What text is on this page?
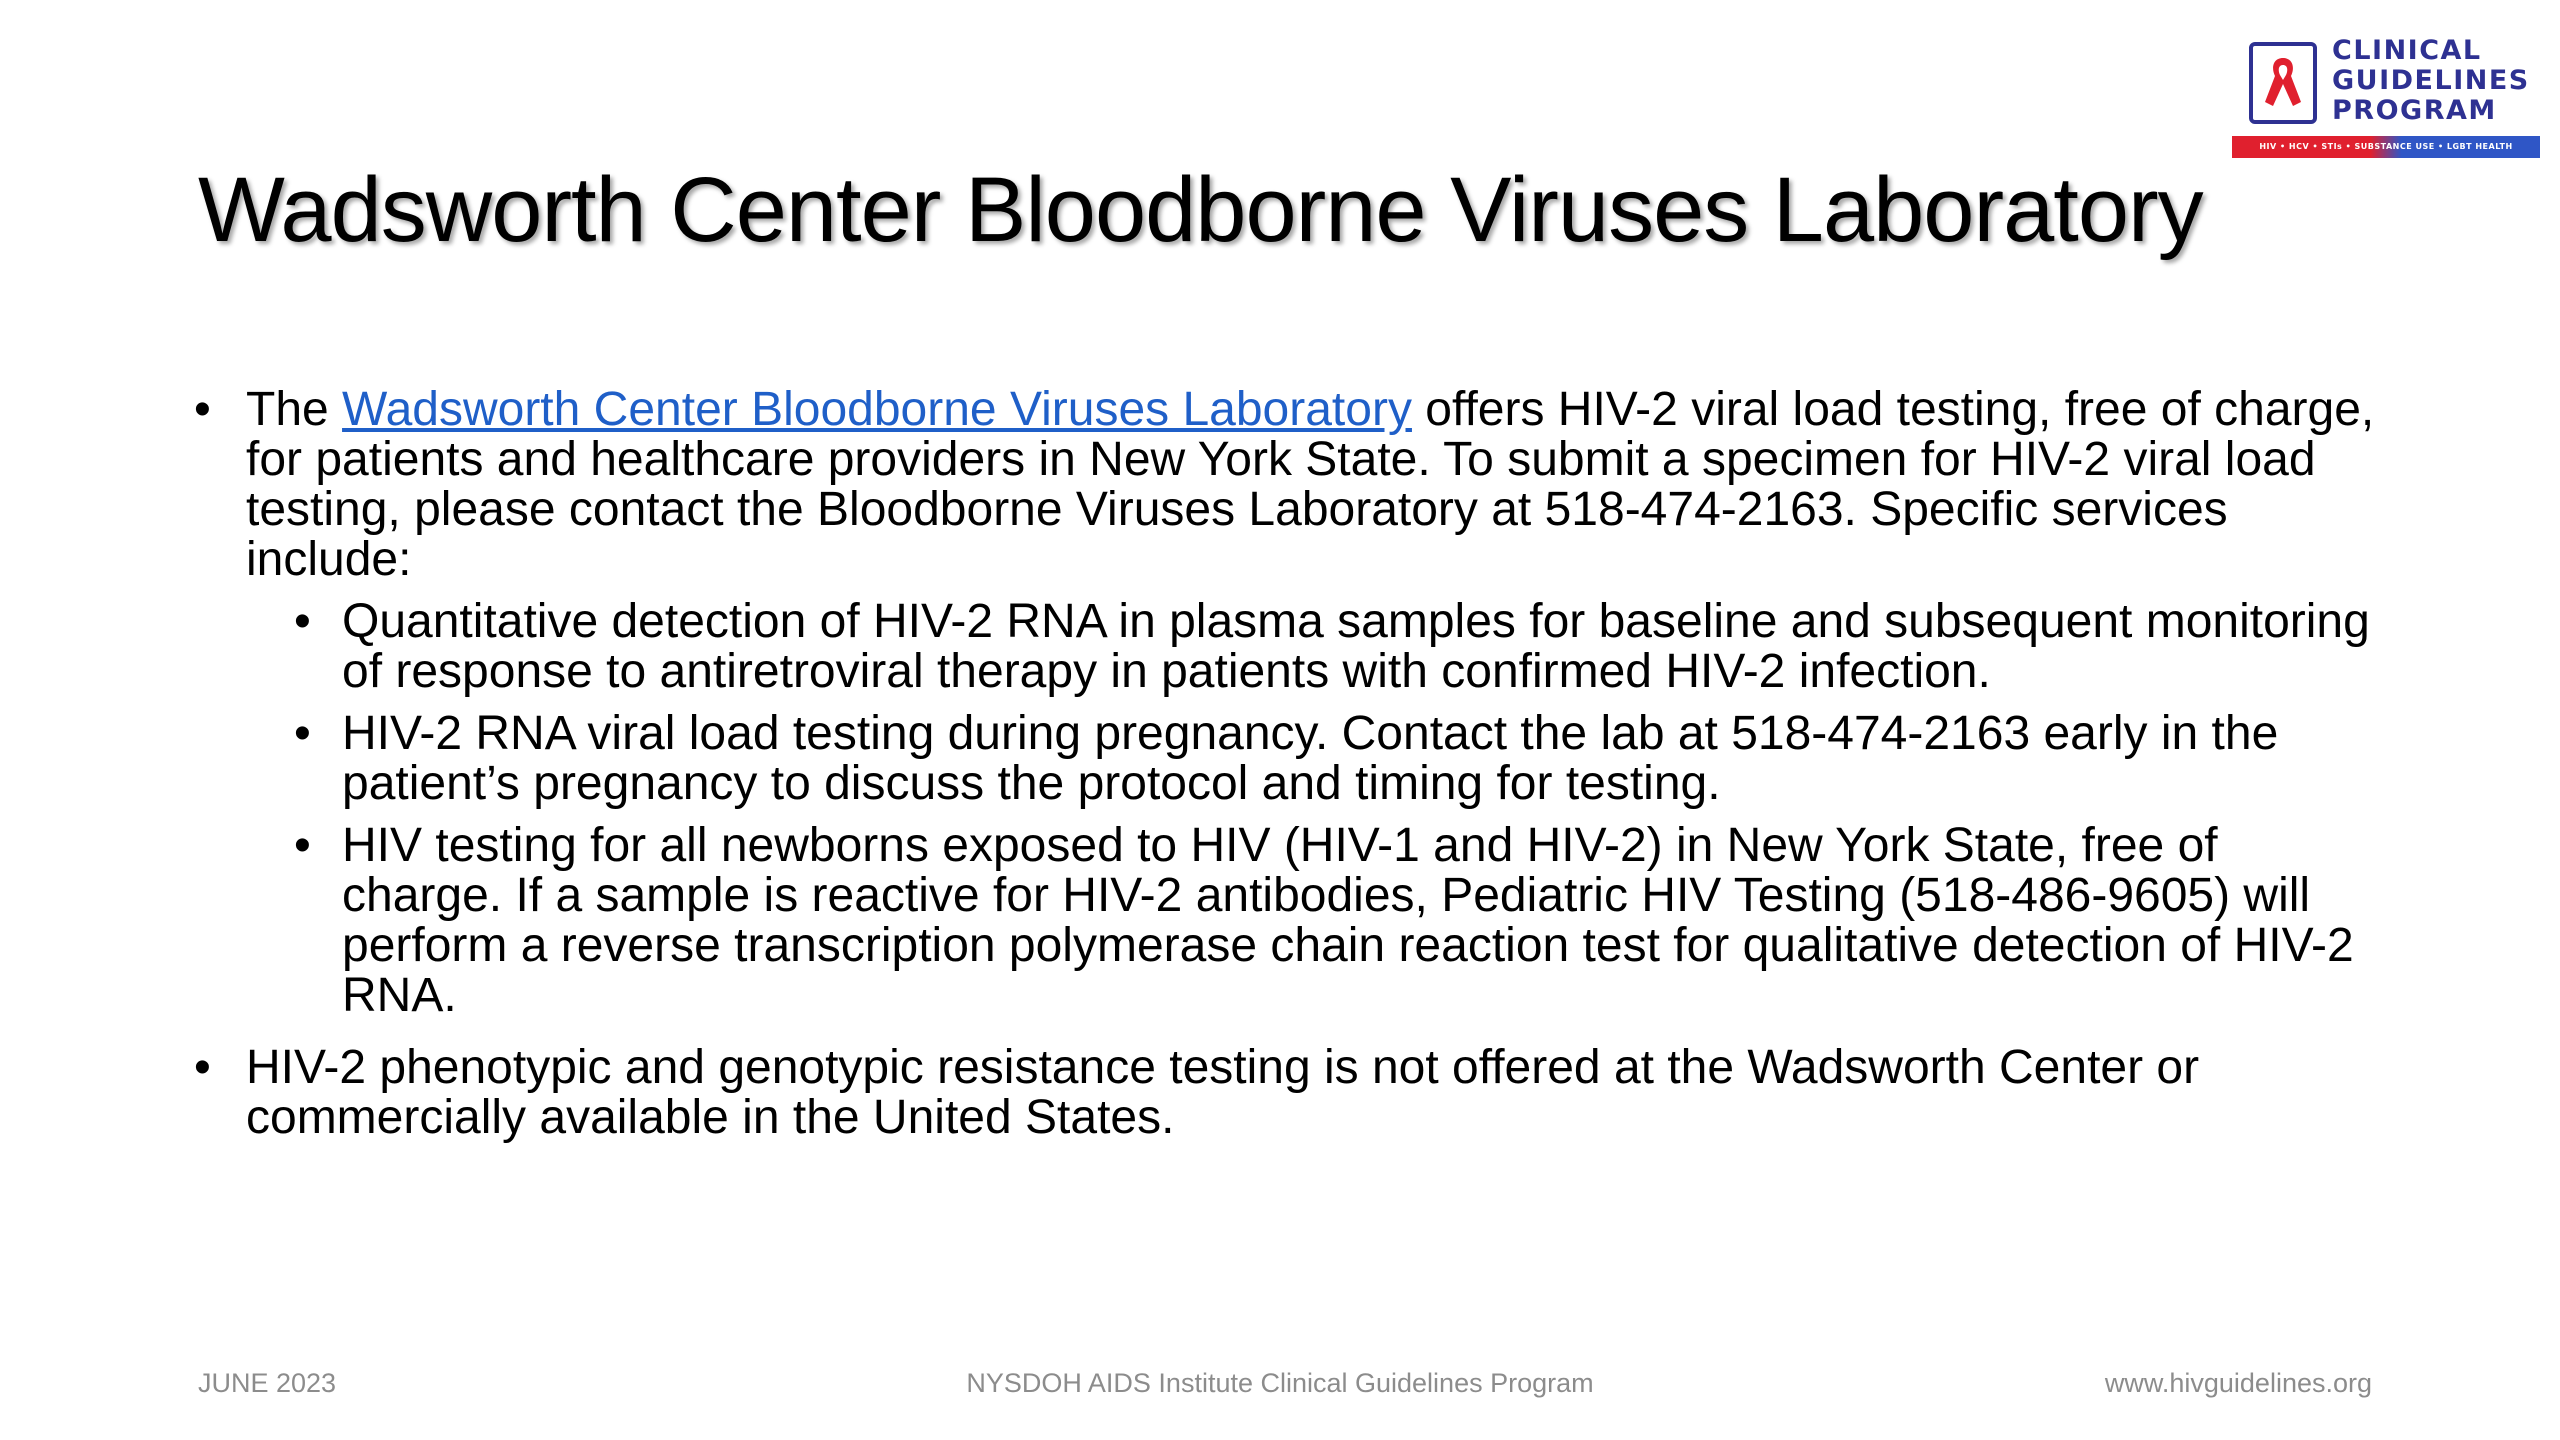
CLINICAL
GUIDELINES
PROGRAM
HIV • HCV • STIs • SUBSTANCE USE • LGBT HEALTH
Wadsworth Center Bloodborne Viruses Laboratory
• The Wadsworth Center Bloodborne Viruses Laboratory offers HIV-2 viral load testing, free of charge, for patients and healthcare providers in New York State. To submit a specimen for HIV-2 viral load testing, please contact the Bloodborne Viruses Laboratory at 518-474-2163. Specific services include:
• Quantitative detection of HIV-2 RNA in plasma samples for baseline and subsequent monitoring of response to antiretroviral therapy in patients with confirmed HIV-2 infection.
• HIV-2 RNA viral load testing during pregnancy. Contact the lab at 518-474-2163 early in the patient’s pregnancy to discuss the protocol and timing for testing.
• HIV testing for all newborns exposed to HIV (HIV-1 and HIV-2) in New York State, free of charge. If a sample is reactive for HIV-2 antibodies, Pediatric HIV Testing (518-486-9605) will perform a reverse transcription polymerase chain reaction test for qualitative detection of HIV-2 RNA.
• HIV-2 phenotypic and genotypic resistance testing is not offered at the Wadsworth Center or commercially available in the United States.
JUNE 2023	NYSDOH AIDS Institute Clinical Guidelines Program	www.hivguidelines.org
